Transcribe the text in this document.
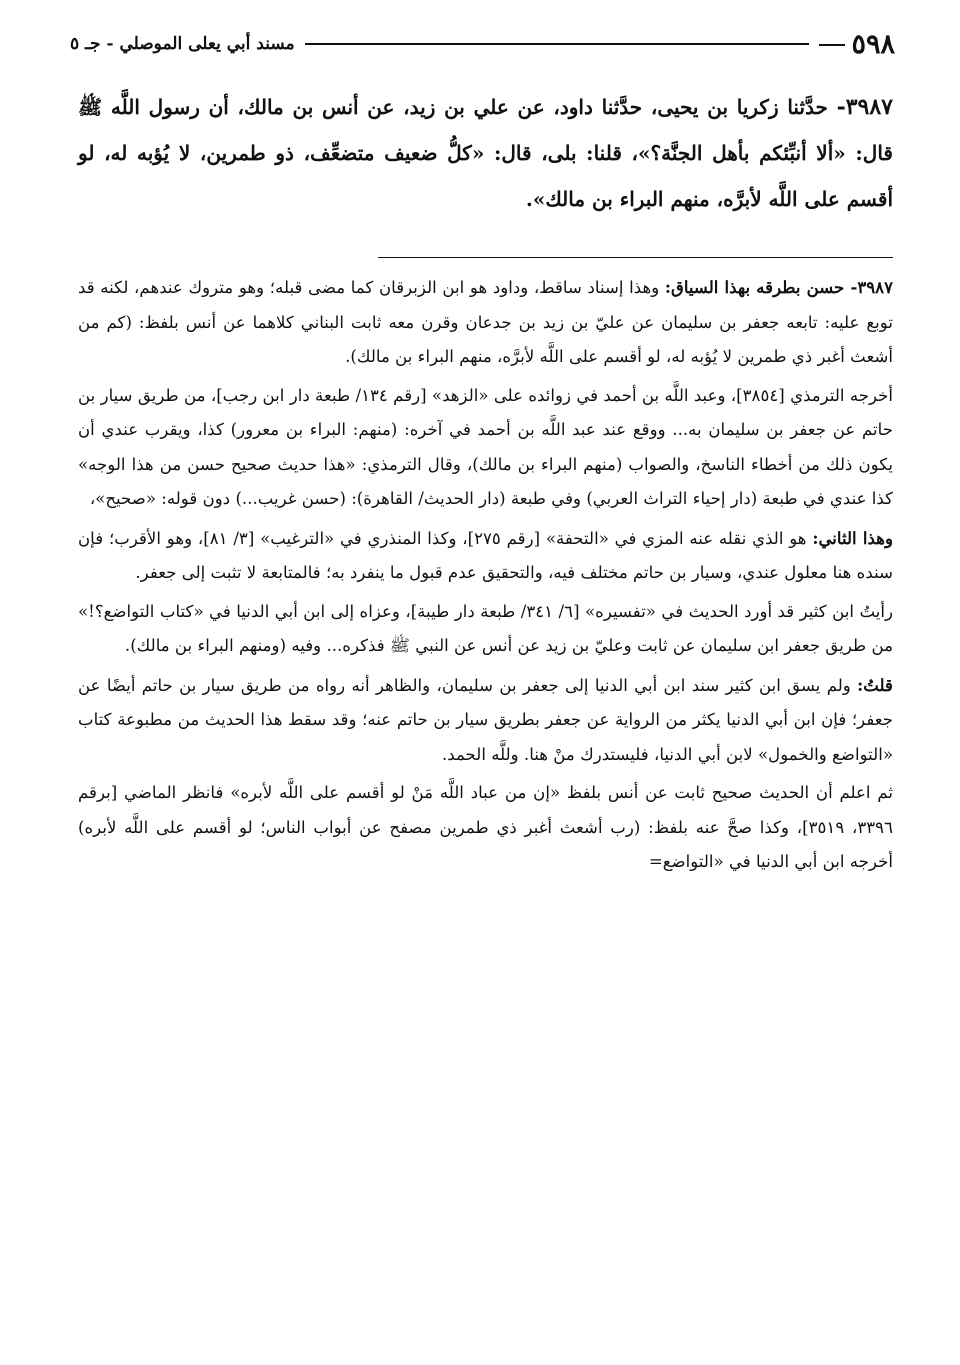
٥٩٨
مسند أبي يعلى الموصلي - جـ ٥
٣٩٨٧- حدَّثنا زكريا بن يحيى، حدَّثنا داود، عن علي بن زيد، عن أنس بن مالك، أن رسول اللَّه ﷺ قال: «ألا أنبِّئكم بأهل الجنَّة؟»، قلنا: بلى، قال: «كلُّ ضعيف متضعِّف، ذو طمرين، لا يُؤبه له، لو أقسم على اللَّه لأبرَّه، منهم البراء بن مالك».

٣٩٨٧- حسن بطرقه بهذا السياق: وهذا إسناد ساقط، وداود هو ابن الزبرقان كما مضى قبله؛ وهو متروك عندهم، لكنه قد توبع عليه: تابعه جعفر بن سليمان عن عليّ بن زيد بن جدعان وقرن معه ثابت البناني كلاهما عن أنس بلفظ: (كم من أشعث أغبر ذي طمرين لا يُؤبه له، لو أقسم على اللَّه لأبرَّه، منهم البراء بن مالك).

أخرجه الترمذي [٣٨٥٤]، وعبد اللَّه بن أحمد في زوائده على «الزهد» [رقم ١٣٤/ طبعة دار ابن رجب]، من طريق سيار بن حاتم عن جعفر بن سليمان به... ووقع عند عبد اللَّه بن أحمد في آخره: (منهم: البراء بن معرور) كذا، ويقرب عندي أن يكون ذلك من أخطاء الناسخ، والصواب (منهم البراء بن مالك)، وقال الترمذي: «هذا حديث صحيح حسن من هذا الوجه» كذا عندي في طبعة (دار إحياء التراث العربي) وفي طبعة (دار الحديث/ القاهرة): (حسن غريب...) دون قوله: «صحيح»،

وهذا الثاني: هو الذي نقله عنه المزي في «التحفة» [رقم ٢٧٥]، وكذا المنذري في «الترغيب» [٣/ ٨١]، وهو الأقرب؛ فإن سنده هنا معلول عندي، وسيار بن حاتم مختلف فيه، والتحقيق عدم قبول ما ينفرد به؛ فالمتابعة لا تثبت إلى جعفر.

رأيتُ ابن كثير قد أورد الحديث في «تفسيره» [٦/ ٣٤١/ طبعة دار طيبة]، وعزاه إلى ابن أبي الدنيا في «كتاب التواضع؟!» من طريق جعفر ابن سليمان عن ثابت وعليّ بن زيد عن أنس عن النبي ﷺ فذكره... وفيه (ومنهم البراء بن مالك).

قلتُ: ولم يسق ابن كثير سند ابن أبي الدنيا إلى جعفر بن سليمان، والظاهر أنه رواه من طريق سيار بن حاتم أيضًا عن جعفر؛ فإن ابن أبي الدنيا يكثر من الرواية عن جعفر بطريق سيار بن حاتم عنه؛ وقد سقط هذا الحديث من مطبوعة كتاب «التواضع والخمول» لابن أبي الدنيا، فليستدرك منْ هنا. وللَّه الحمد.

ثم اعلم أن الحديث صحيح ثابت عن أنس بلفظ «إن من عباد اللَّه مَنْ لو أقسم على اللَّه لأبره» فانظر الماضي [برقم ٣٣٩٦، ٣٥١٩]، وكذا صحَّ عنه بلفظ: (رب أشعث أغبر ذي طمرين مصفح عن أبواب الناس؛ لو أقسم على اللَّه لأبره) أخرجه ابن أبي الدنيا في «التواضع=
